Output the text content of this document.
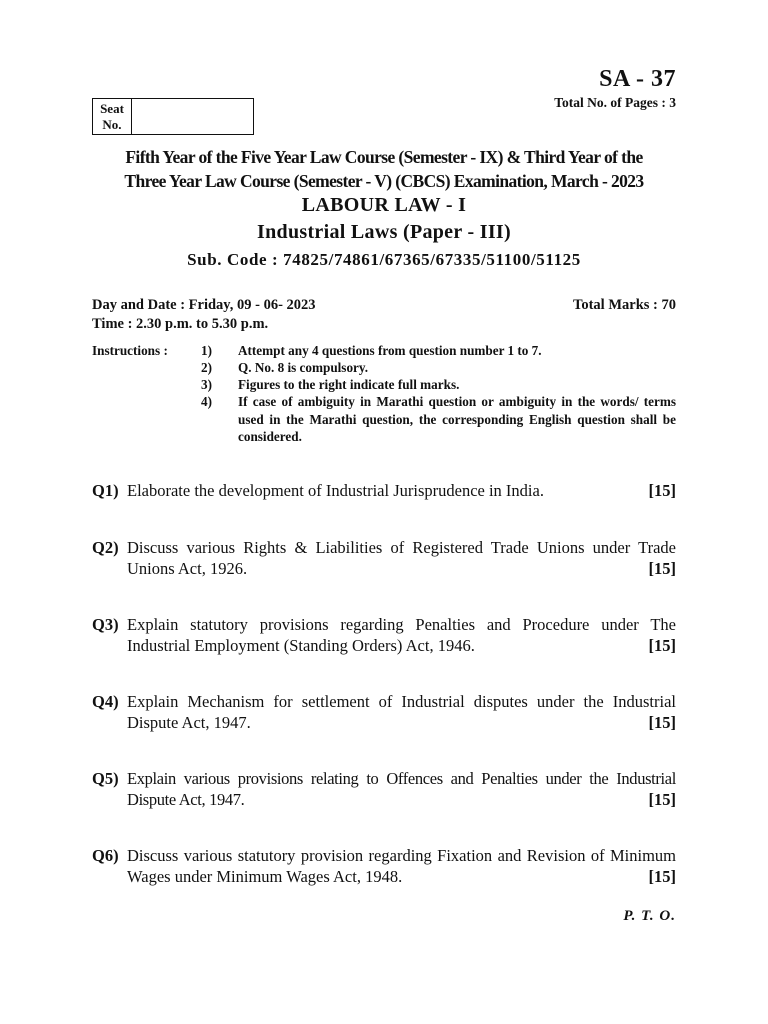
SA - 37
Total No. of Pages : 3
Seat
No.
Fifth Year of the Five Year Law Course (Semester - IX) & Third Year of the
Three Year Law Course (Semester - V) (CBCS) Examination, March - 2023
LABOUR LAW - I
Industrial Laws (Paper - III)
Sub. Code : 74825/74861/67365/67335/51100/51125
Day and Date : Friday, 09 - 06- 2023	Total Marks : 70
Time : 2.30 p.m. to 5.30 p.m.
Instructions :	1) Attempt any 4 questions from question number 1 to 7.
2) Q. No. 8 is compulsory.
3) Figures to the right indicate full marks.
4) If case of ambiguity in Marathi question or ambiguity in the words/ terms used in the Marathi question, the corresponding English question shall be considered.
Q1) Elaborate the development of Industrial Jurisprudence in India.	[15]
Q2) Discuss various Rights & Liabilities of Registered Trade Unions under Trade Unions Act, 1926.	[15]
Q3) Explain statutory provisions regarding Penalties and Procedure under The Industrial Employment (Standing Orders) Act, 1946.	[15]
Q4) Explain Mechanism for settlement of Industrial disputes under the Industrial Dispute Act, 1947.	[15]
Q5) Explain various provisions relating to Offences and Penalties under the Industrial Dispute Act, 1947.	[15]
Q6) Discuss various statutory provision regarding Fixation and Revision of Minimum Wages under Minimum Wages Act, 1948.	[15]
P. T. O.
